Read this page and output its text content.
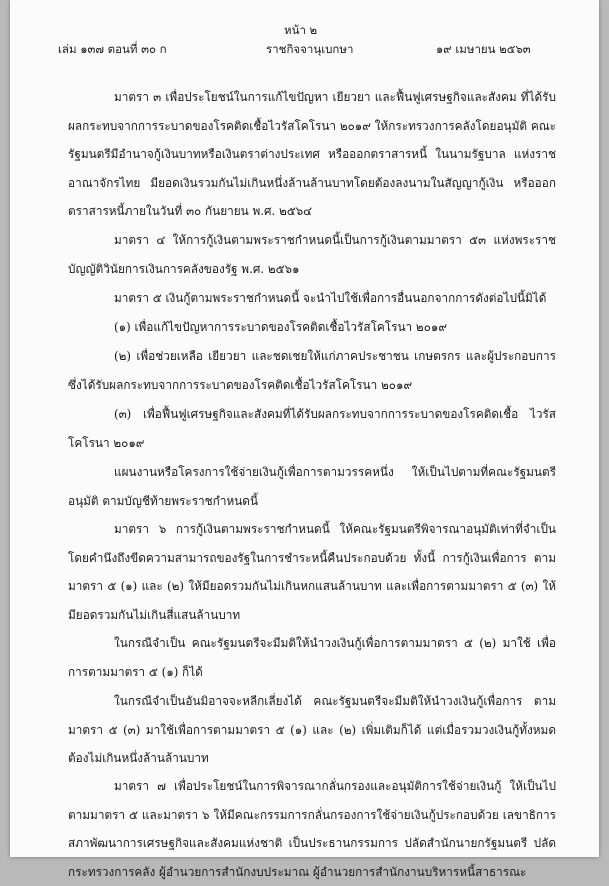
หน้า ๒
เล่ม ๑๓๗ ตอนที่ ๓๐ ก	ราชกิจจานุเบกษา	๑๙ เมษายน ๒๕๖๓

มาตรา ๓ เพื่อประโยชน์ในการแก้ไขปัญหา เยียวยา และฟื้นฟูเศรษฐกิจและสังคม ที่ได้รับผลกระทบจากการระบาดของโรคติดเชื้อไวรัสโคโรนา ๒๐๑๙ ให้กระทรวงการคลังโดยอนุมัติ คณะรัฐมนตรีมีอำนาจกู้เงินบาทหรือเงินตราต่างประเทศ หรือออกตราสารหนี้ ในนามรัฐบาล แห่งราชอาณาจักรไทย มียอดเงินรวมกันไม่เกินหนึ่งล้านล้านบาทโดยต้องลงนามในสัญญากู้เงิน หรือออกตราสารหนี้ภายในวันที่ ๓๐ กันยายน พ.ศ. ๒๕๖๔

มาตรา ๔ ให้การกู้เงินตามพระราชกำหนดนี้เป็นการกู้เงินตามมาตรา ๕๓ แห่งพระราชบัญญัติวินัยการเงินการคลังของรัฐ พ.ศ. ๒๕๖๑

มาตรา ๕ เงินกู้ตามพระราชกำหนดนี้ จะนำไปใช้เพื่อการอื่นนอกจากการดังต่อไปนี้มิได้

(๑) เพื่อแก้ไขปัญหาการระบาดของโรคติดเชื้อไวรัสโคโรนา ๒๐๑๙

(๒) เพื่อช่วยเหลือ เยียวยา และชดเชยให้แก่ภาคประชาชน เกษตรกร และผู้ประกอบการ ซึ่งได้รับผลกระทบจากการระบาดของโรคติดเชื้อไวรัสโคโรนา ๒๐๑๙

(๓) เพื่อฟื้นฟูเศรษฐกิจและสังคมที่ได้รับผลกระทบจากการระบาดของโรคติดเชื้อ ไวรัสโคโรนา ๒๐๑๙

แผนงานหรือโครงการใช้จ่ายเงินกู้เพื่อการตามวรรคหนึ่ง ให้เป็นไปตามที่คณะรัฐมนตรีอนุมัติ ตามบัญชีท้ายพระราชกำหนดนี้

มาตรา ๖ การกู้เงินตามพระราชกำหนดนี้ ให้คณะรัฐมนตรีพิจารณาอนุมัติเท่าที่จำเป็น โดยคำนึงถึงขีดความสามารถของรัฐในการชำระหนี้คืนประกอบด้วย ทั้งนี้ การกู้เงินเพื่อการ ตามมาตรา ๕ (๑) และ (๒) ให้มียอดรวมกันไม่เกินหกแสนล้านบาท และเพื่อการตามมาตรา ๕ (๓) ให้มียอดรวมกันไม่เกินสี่แสนล้านบาท

ในกรณีจำเป็น คณะรัฐมนตรีจะมีมติให้นำวงเงินกู้เพื่อการตามมาตรา ๕ (๒) มาใช้ เพื่อการตามมาตรา ๕ (๑) ก็ได้

ในกรณีจำเป็นอันมิอาจจะหลีกเลี่ยงได้ คณะรัฐมนตรีจะมีมติให้นำวงเงินกู้เพื่อการ ตามมาตรา ๕ (๓) มาใช้เพื่อการตามมาตรา ๕ (๑) และ (๒) เพิ่มเติมก็ได้ แต่เมื่อรวมวงเงินกู้ทั้งหมด ต้องไม่เกินหนึ่งล้านล้านบาท

มาตรา ๗ เพื่อประโยชน์ในการพิจารณากลั่นกรองและอนุมัติการใช้จ่ายเงินกู้ ให้เป็นไป ตามมาตรา ๕ และมาตรา ๖ ให้มีคณะกรรมการกลั่นกรองการใช้จ่ายเงินกู้ประกอบด้วย เลขาธิการ สภาพัฒนาการเศรษฐกิจและสังคมแห่งชาติ เป็นประธานกรรมการ ปลัดสำนักนายกรัฐมนตรี ปลัดกระทรวงการคลัง ผู้อำนวยการสำนักงบประมาณ ผู้อำนวยการสำนักงานบริหารหนี้สาธารณะ
